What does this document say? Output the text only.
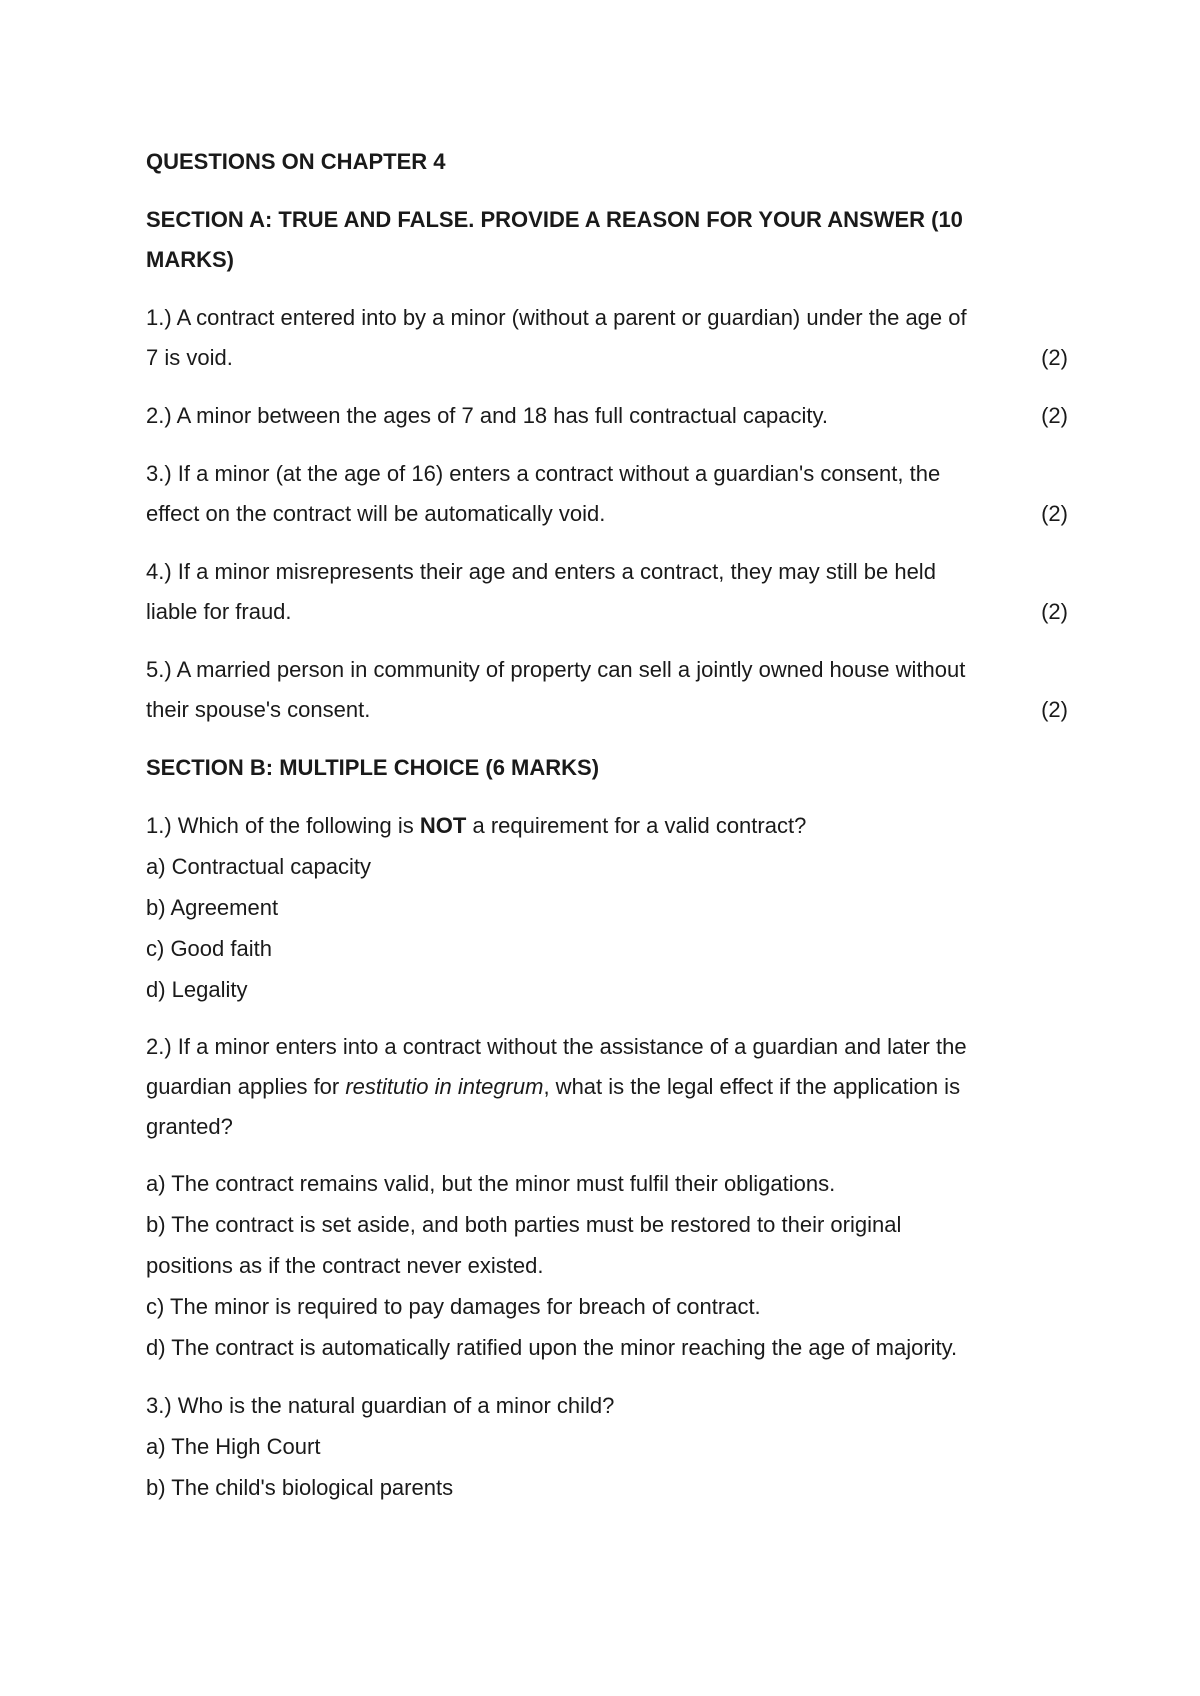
QUESTIONS ON CHAPTER 4
SECTION A: TRUE AND FALSE. PROVIDE A REASON FOR YOUR ANSWER (10
MARKS)
1.) A contract entered into by a minor (without a parent or guardian) under the age of
7 is void.	(2)
2.) A minor between the ages of 7 and 18 has full contractual capacity.	(2)
3.) If a minor (at the age of 16) enters a contract without a guardian's consent, the
effect on the contract will be automatically void.	(2)
4.) If a minor misrepresents their age and enters a contract, they may still be held
liable for fraud.	(2)
5.) A married person in community of property can sell a jointly owned house without
their spouse's consent.	(2)
SECTION B: MULTIPLE CHOICE (6 MARKS)
1.) Which of the following is NOT a requirement for a valid contract?
a) Contractual capacity
b) Agreement
c) Good faith
d) Legality
2.) If a minor enters into a contract without the assistance of a guardian and later the
guardian applies for restitutio in integrum, what is the legal effect if the application is
granted?
a) The contract remains valid, but the minor must fulfil their obligations.
b) The contract is set aside, and both parties must be restored to their original
positions as if the contract never existed.
c) The minor is required to pay damages for breach of contract.
d) The contract is automatically ratified upon the minor reaching the age of majority.
3.) Who is the natural guardian of a minor child?
a) The High Court
b) The child's biological parents
